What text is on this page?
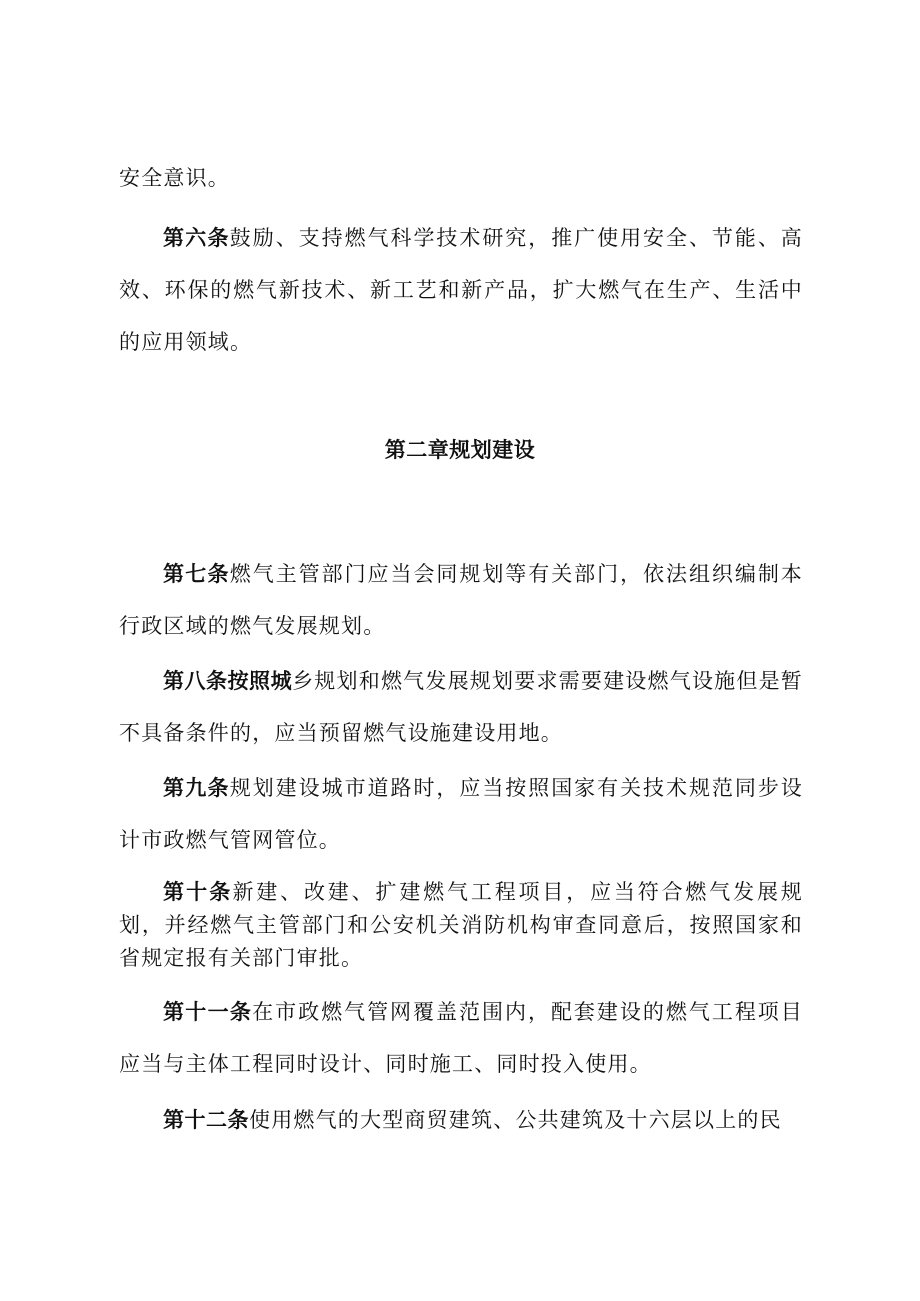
安全意识。

第六条鼓励、支持燃气科学技术研究，推广使用安全、节能、高效、环保的燃气新技术、新工艺和新产品，扩大燃气在生产、生活中的应用领域。

第二章规划建设

第七条燃气主管部门应当会同规划等有关部门，依法组织编制本行政区域的燃气发展规划。

第八条按照城乡规划和燃气发展规划要求需要建设燃气设施但是暂不具备条件的，应当预留燃气设施建设用地。

第九条规划建设城市道路时，应当按照国家有关技术规范同步设计市政燃气管网管位。

第十条新建、改建、扩建燃气工程项目，应当符合燃气发展规划，并经燃气主管部门和公安机关消防机构审查同意后，按照国家和省规定报有关部门审批。

第十一条在市政燃气管网覆盖范围内，配套建设的燃气工程项目应当与主体工程同时设计、同时施工、同时投入使用。

第十二条使用燃气的大型商贸建筑、公共建筑及十六层以上的民
